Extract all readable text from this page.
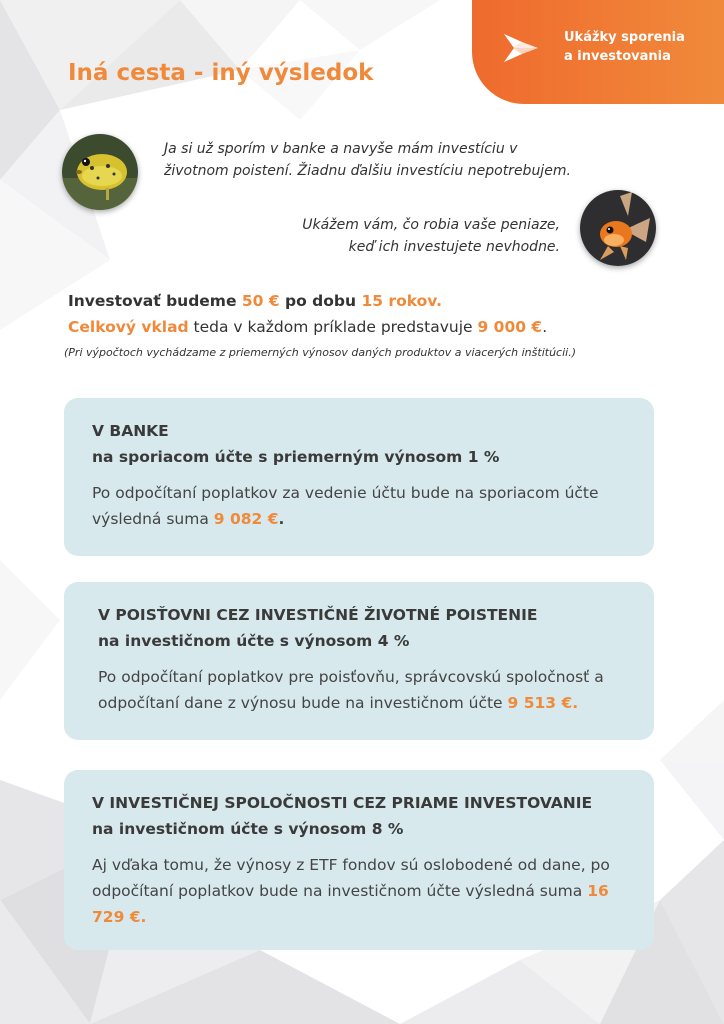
Ukážky sporenia
a investovania
Iná cesta - iný výsledok

Ja si už sporím v banke a navyše mám investíciu v
životnom poistení. Žiadnu ďalšiu investíciu nepotrebujem.

Ukážem vám, čo robia vaše peniaze,
keď ich investujete nevhodne.

Investovať budeme 50 € po dobu 15 rokov.

Celkový vklad teda v každom príklade predstavuje 9 000 €.

(Pri výpočtoch vychádzame z priemerných výnosov daných produktov a viacerých inštitúcii.)

V BANKE
na sporiacom účte s priemerným výnosom 1 %

Po odpočítaní poplatkov za vedenie účtu bude na sporiacom účte výsledná suma 9 082 €.

V POISŤOVNI CEZ INVESTIČNÉ ŽIVOTNÉ POISTENIE
na investičnom účte s výnosom 4 %

Po odpočítaní poplatkov pre poisťovňu, správcovskú spoločnosť a odpočítaní dane z výnosu bude na investičnom účte 9 513 €.

V INVESTIČNEJ SPOLOČNOSTI CEZ PRIAME INVESTOVANIE
na investičnom účte s výnosom 8 %

Aj vďaka tomu, že výnosy z ETF fondov sú oslobodené od dane, po odpočítaní poplatkov bude na investičnom účte výsledná suma 16 729 €.
